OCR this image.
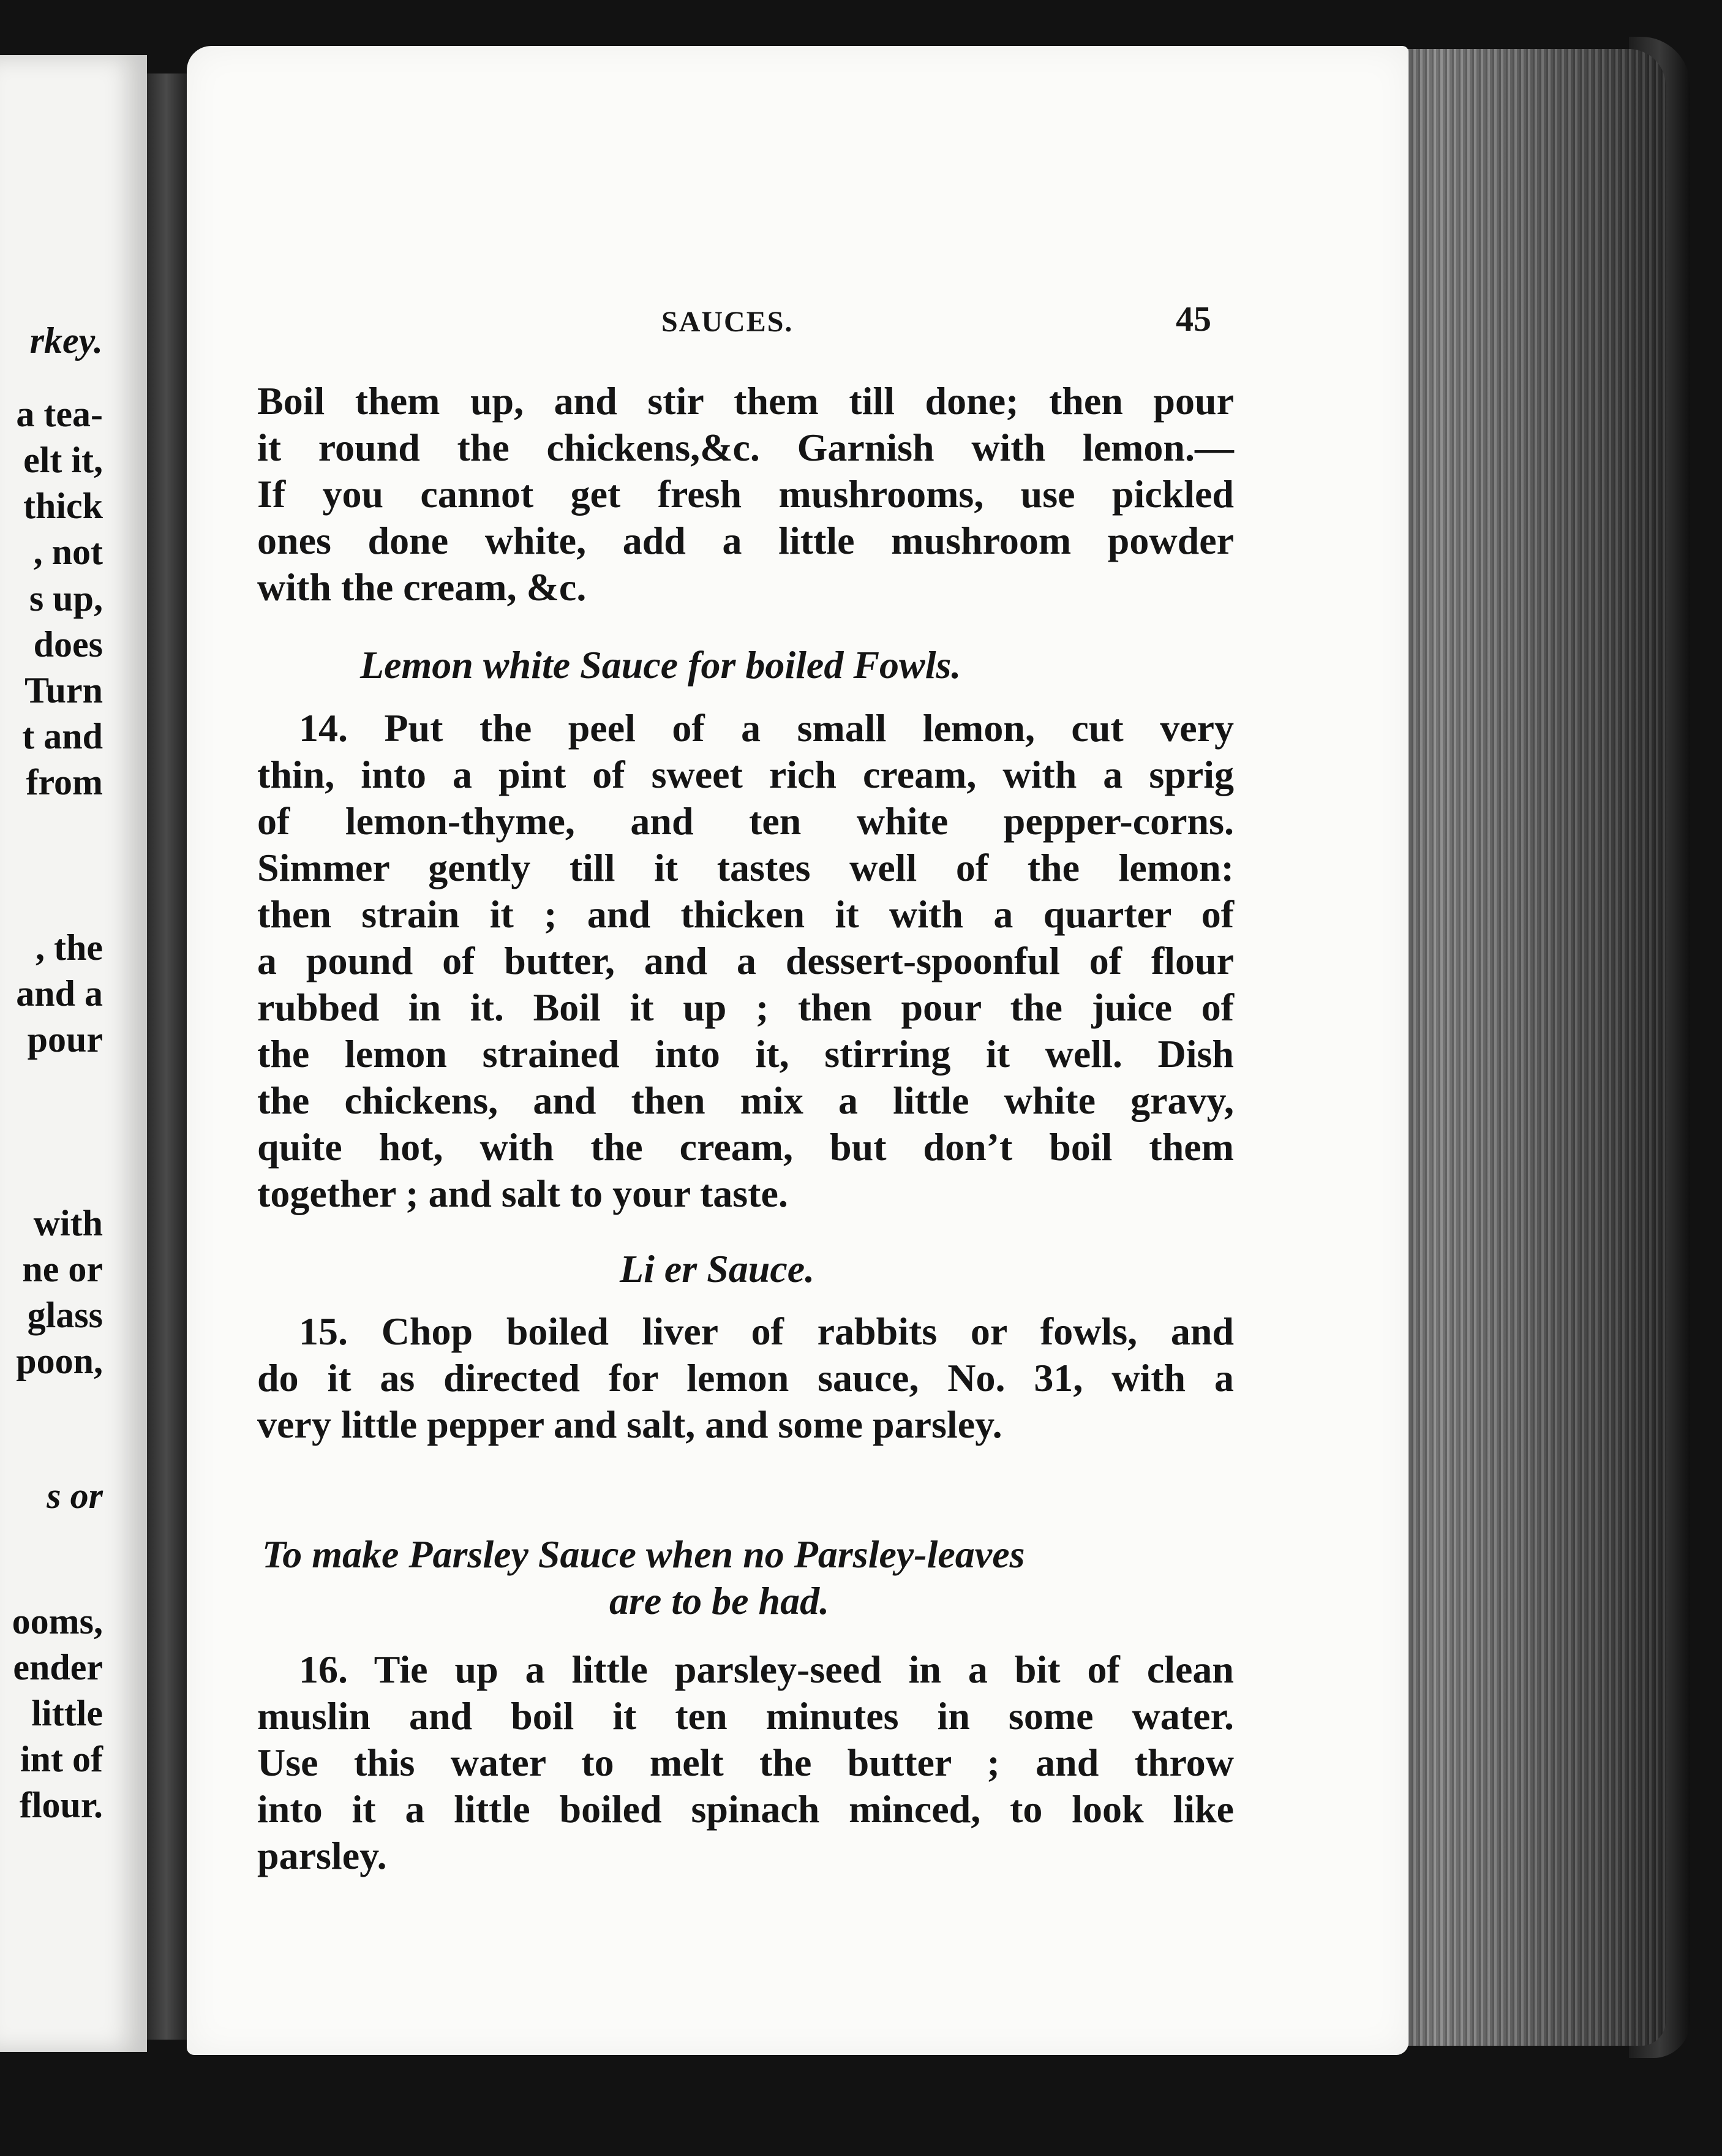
rkey.
a tea-
elt it,
thick
, not
s up,
does
Turn
t and
from
, the
and a
pour
with
ne or
glass
poon,
s or
ooms,
ender
little
int of
flour.
SAUCES.	45
Boil them up, and stir them till done; then pour
it round the chickens,&c. Garnish with lemon.—
If you cannot get fresh mushrooms, use pickled
ones done white, add a little mushroom powder
with the cream, &c.
Lemon white Sauce for boiled Fowls.
14. Put the peel of a small lemon, cut very
thin, into a pint of sweet rich cream, with a sprig
of lemon-thyme, and ten white pepper-corns.
Simmer gently till it tastes well of the lemon:
then strain it ; and thicken it with a quarter of
a pound of butter, and a dessert-spoonful of flour
rubbed in it. Boil it up ; then pour the juice of
the lemon strained into it, stirring it well. Dish
the chickens, and then mix a little white gravy,
quite hot, with the cream, but don’t boil them
together ; and salt to your taste.
Li er Sauce.
15. Chop boiled liver of rabbits or fowls, and
do it as directed for lemon sauce, No. 31, with a
very little pepper and salt, and some parsley.
To make Parsley Sauce when no Parsley-leaves
are to be had.
16. Tie up a little parsley-seed in a bit of clean
muslin and boil it ten minutes in some water.
Use this water to melt the butter ; and throw
into it a little boiled spinach minced, to look like
parsley.
